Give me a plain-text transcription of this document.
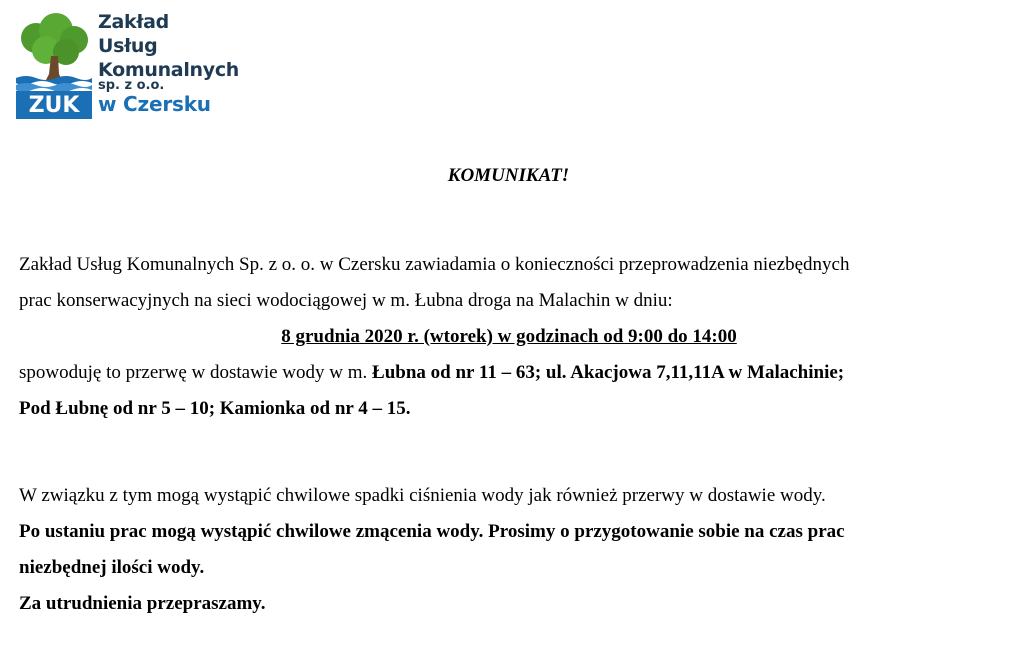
ZUK
Zakład
Usług
Komunalnych
sp. z o.o.
w Czersku
KOMUNIKAT!
Zakład Usług Komunalnych Sp. z o. o. w Czersku zawiadamia o konieczności przeprowadzenia niezbędnych
prac konserwacyjnych na sieci wodociągowej w m. Łubna droga na Malachin w dniu:
8 grudnia 2020 r. (wtorek) w godzinach od 9:00 do 14:00
spowoduję to przerwę w dostawie wody w m. Łubna od nr 11 – 63; ul. Akacjowa 7,11,11A w Malachinie;
Pod Łubnę od nr 5 – 10; Kamionka od nr 4 – 15.
W związku z tym mogą wystąpić chwilowe spadki ciśnienia wody jak również przerwy w dostawie wody.
Po ustaniu prac mogą wystąpić chwilowe zmącenia wody. Prosimy o przygotowanie sobie na czas prac
niezbędnej ilości wody.
Za utrudnienia przepraszamy.
